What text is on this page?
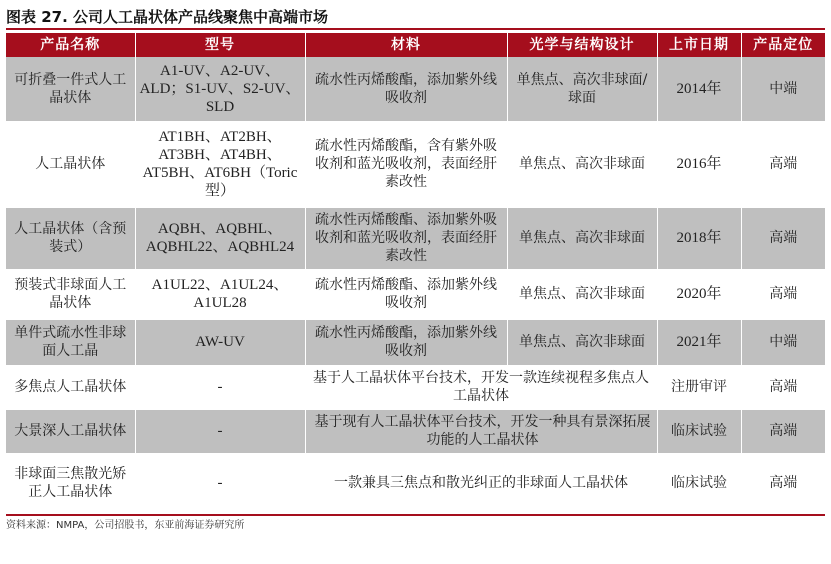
图表 27. 公司人工晶状体产品线聚焦中高端市场
产品名称	型号	材料	光学与结构设计	上市日期	产品定位
可折叠一件式人工晶状体	A1-UV、A2-UV、ALD；S1-UV、S2-UV、SLD	疏水性丙烯酸酯，添加紫外线吸收剂	单焦点、高次非球面/球面	2014年	中端
人工晶状体	AT1BH、AT2BH、AT3BH、AT4BH、AT5BH、AT6BH（Toric型）	疏水性丙烯酸酯，含有紫外吸收剂和蓝光吸收剂，表面经肝素改性	单焦点、高次非球面	2016年	高端
人工晶状体（含预装式）	AQBH、AQBHL、AQBHL22、AQBHL24	疏水性丙烯酸酯、添加紫外吸收剂和蓝光吸收剂，表面经肝素改性	单焦点、高次非球面	2018年	高端
预装式非球面人工晶状体	A1UL22、A1UL24、A1UL28	疏水性丙烯酸酯、添加紫外线吸收剂	单焦点、高次非球面	2020年	高端
单件式疏水性非球面人工晶	AW-UV	疏水性丙烯酸酯，添加紫外线吸收剂	单焦点、高次非球面	2021年	中端
多焦点人工晶状体	-	基于人工晶状体平台技术，开发一款连续视程多焦点人工晶状体		注册审评	高端
大景深人工晶状体	-	基于现有人工晶状体平台技术，开发一种具有景深拓展功能的人工晶状体		临床试验	高端
非球面三焦散光矫正人工晶状体	-	一款兼具三焦点和散光纠正的非球面人工晶状体		临床试验	高端
资料来源：NMPA，公司招股书，东亚前海证券研究所
